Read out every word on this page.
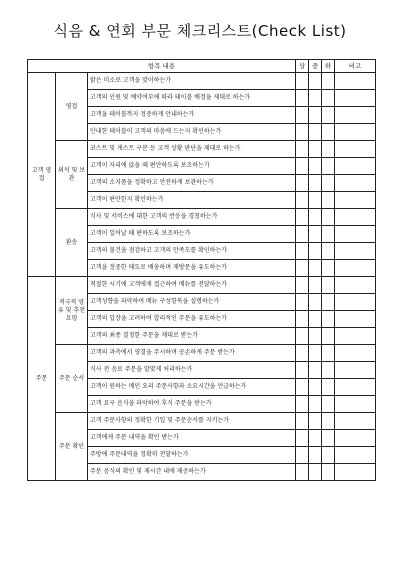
식음 & 연회 부문 체크리스트(Check List)
항목 내용			상	중	하	비고
고객 영접	영접	밝은 미소로 고객을 맞이하는가				
		고객의 인원 및 예약여부에 따라 테이블 배정을 제대로 하는가				
		고객을 테이블까지 정중하게 안내하는가				
		안내한 테이블이 고객의 마음에 드는지 확인하는가				
	외석 및 보관	코스트 및 게스트 구분 등 고객 상황 판단을 제대로 하는가				
		고객이 자리에 앉을 때 편안하도록 보조하는가				
		고객의 소지품을 정확하고 안전하게 보관하는가				
		고객이 편안한지 확인하는가				
	환송	식사 및 서비스에 대한 고객의 반응을 경청하는가				
		고객이 일어날 때 편하도록 보조하는가				
		고객의 물건을 점검하고 고객의 만족도를 확인하는가				
		고객을 정중한 태도로 배웅하며 재방문을 유도하는가				
주문	적극적 영유 및 추천요령	적절한 시기에 고객에게 접근하여 메뉴를 전달하는가				
		고객성향을 파악하여 메뉴 구성항목을 설명하는가				
		고객의 입장을 고려하여 합리적인 주문을 유도하는가				
		고객의 최종 결정한 주문을 제대로 받는가				
	주문 순서	고객의 과측에서 영결을 주시하며 공손하게 주문 받는가				
		식사 전 음료 주문을 알맞게 처리하는가				
		고객이 원하는 메인 요리 주문사항과 소요시간을 언급하는가				
		고객 요구 음식을 파악하여 후식 주문을 받는가				
	주문 확인	고객 주문사항의 정확한 기입 및 주문순서를 지키는가				
		고객에게 주문 내역을 확인 받는가				
		주방에 주문내역을 정확히 전달하는가				
		주문 음식의 확인 및 제시간 내에 제공하는가				
